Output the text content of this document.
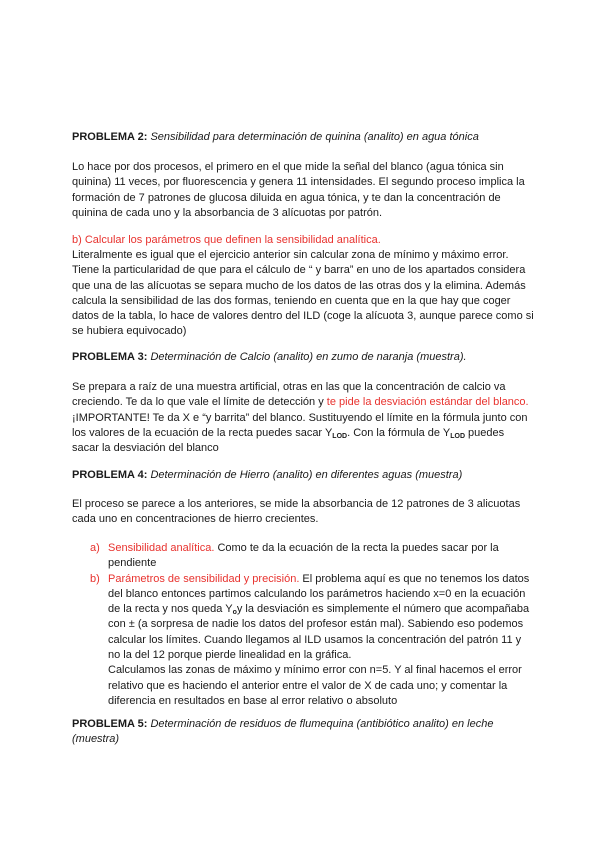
PROBLEMA 2: Sensibilidad para determinación de quinina (analito) en agua tónica

Lo hace por dos procesos, el primero en el que mide la señal del blanco (agua tónica sin quinina) 11 veces, por fluorescencia y genera 11 intensidades. El segundo proceso implica la formación de 7 patrones de glucosa diluida en agua tónica, y te dan la concentración de quinina de cada uno y la absorbancia de 3 alícuotas por patrón.

b) Calcular los parámetros que definen la sensibilidad analítica.

Literalmente es igual que el ejercicio anterior sin calcular zona de mínimo y máximo error. Tiene la particularidad de que para el cálculo de “ y barra” en uno de los apartados considera que una de las alícuotas se separa mucho de los datos de las otras dos y la elimina. Además calcula la sensibilidad de las dos formas, teniendo en cuenta que en la que hay que coger datos de la tabla, lo hace de valores dentro del ILD (coge la alícuota 3, aunque parece como si se hubiera equivocado)

PROBLEMA 3: Determinación de Calcio (analito) en zumo de naranja (muestra).

Se prepara a raíz de una muestra artificial, otras en las que la concentración de calcio va creciendo. Te da lo que vale el límite de detección y te pide la desviación estándar del blanco. ¡IMPORTANTE! Te da X e “y barrita” del blanco. Sustituyendo el límite en la fórmula junto con los valores de la ecuación de la recta puedes sacar $Y_{LOD}$. Con la fórmula de $Y_{LOD}$ puedes sacar la desviación del blanco

PROBLEMA 4: Determinación de Hierro (analito) en diferentes aguas (muestra)

El proceso se parece a los anteriores, se mide la absorbancia de 12 patrones de 3 alicuotas cada uno en concentraciones de hierro crecientes.

a) Sensibilidad analítica. Como te da la ecuación de la recta la puedes sacar por la pendiente
b) Parámetros de sensibilidad y precisión. El problema aquí es que no tenemos los datos del blanco entonces partimos calculando los parámetros haciendo x=0 en la ecuación de la recta y nos queda $Y_oy$ la desviación es simplemente el número que acompañaba con ± (a sorpresa de nadie los datos del profesor están mal). Sabiendo eso podemos calcular los límites. Cuando llegamos al ILD usamos la concentración del patrón 11 y no la del 12 porque pierde linealidad en la gráfica.
Calculamos las zonas de máximo y mínimo error con n=5. Y al final hacemos el error relativo que es haciendo el anterior entre el valor de X de cada uno; y comentar la diferencia en resultados en base al error relativo o absoluto

PROBLEMA 5: Determinación de residuos de flumequina (antibiótico analito) en leche (muestra)
